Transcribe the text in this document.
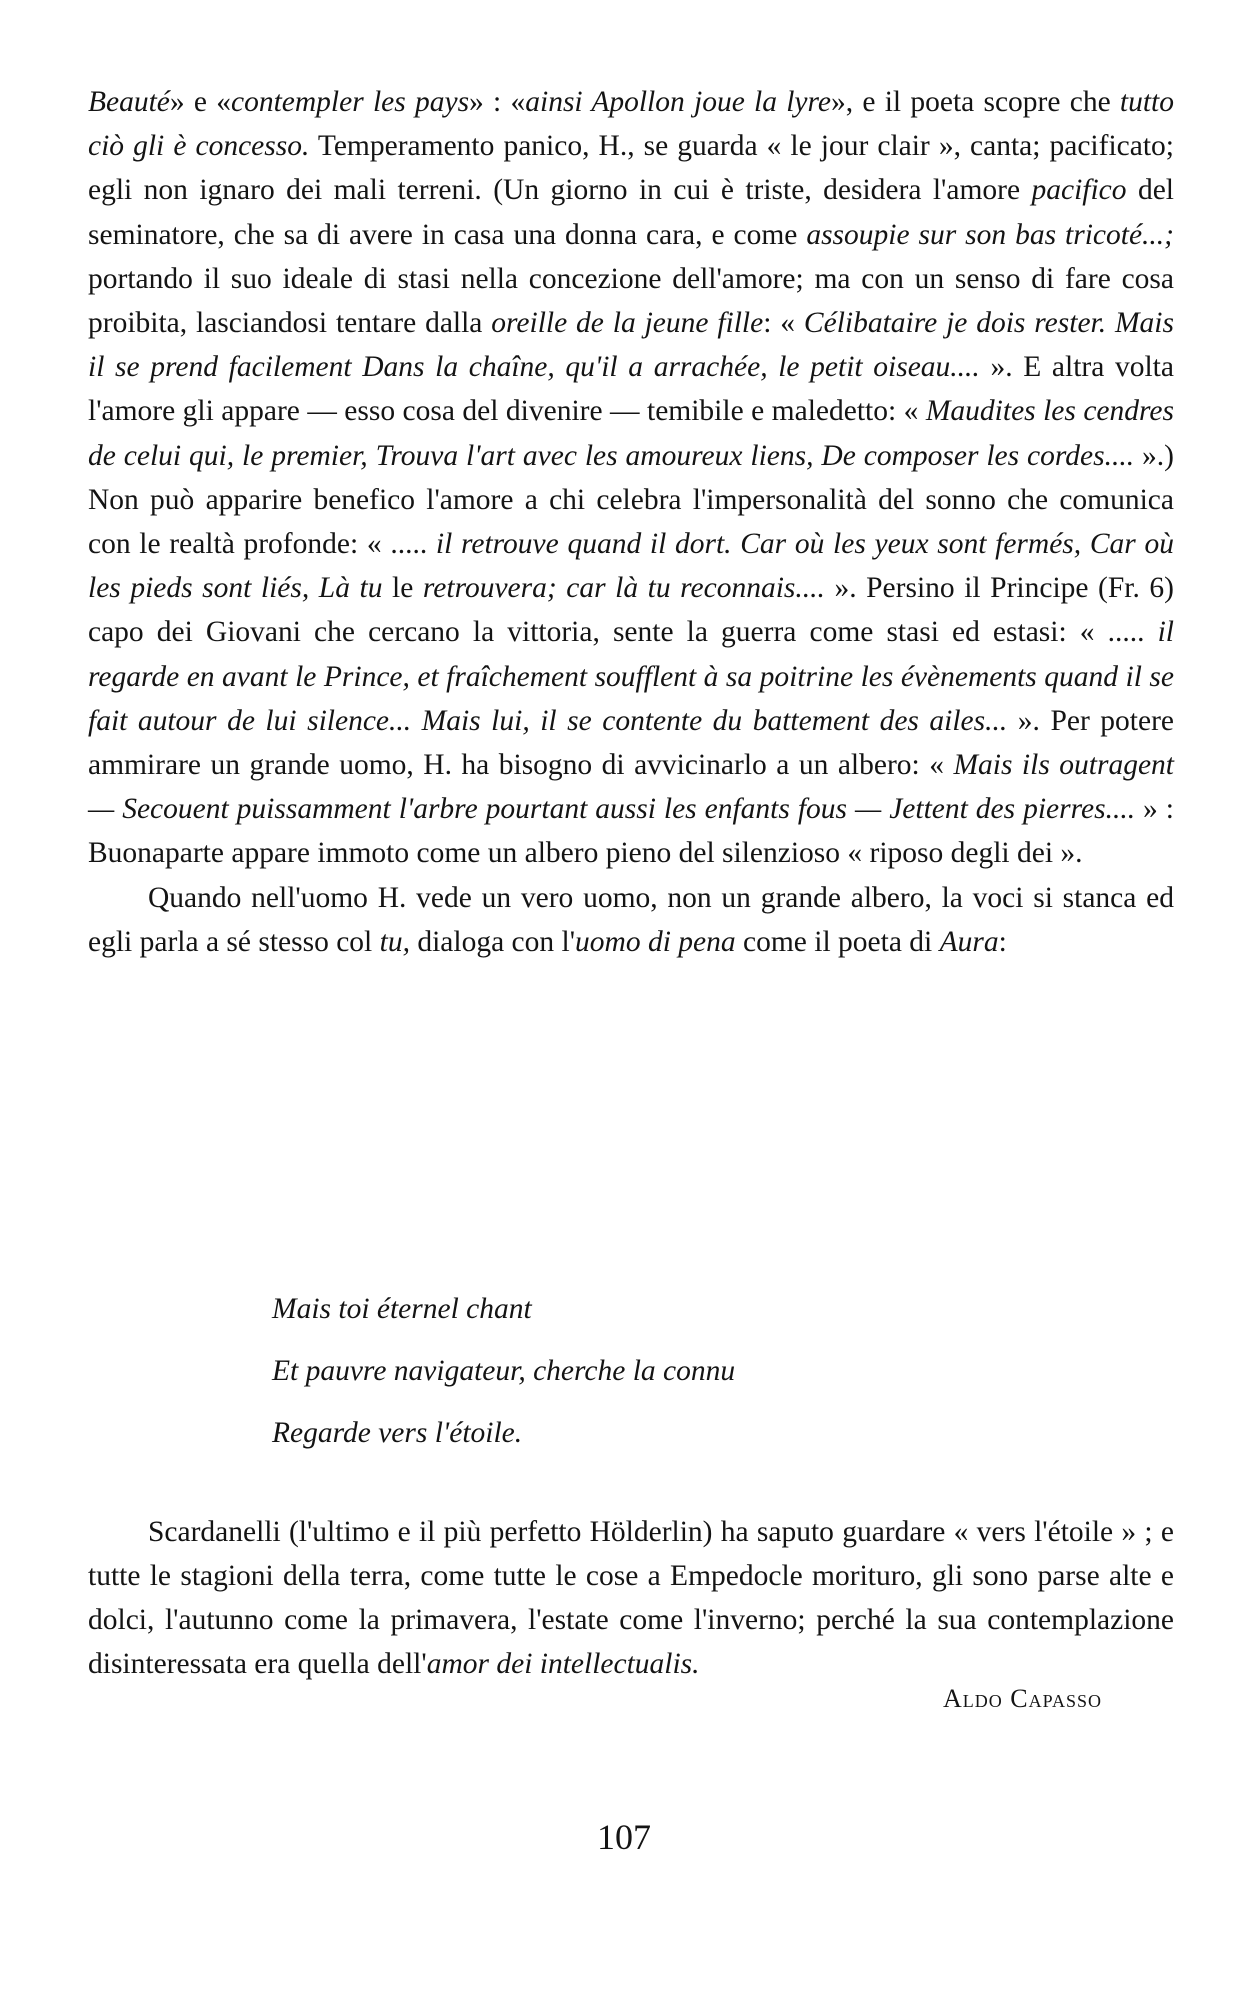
Beauté» e «contempler les pays» : «ainsi Apollon joue la lyre», e il poeta scopre che tutto ciò gli è concesso. Temperamento panico, H., se guarda « le jour clair », canta; pacificato; egli non ignaro dei mali terreni. (Un giorno in cui è triste, desidera l'amore pacifico del seminatore, che sa di avere in casa una donna cara, e come assoupie sur son bas tricoté...; portando il suo ideale di stasi nella concezione dell'amore; ma con un senso di fare cosa proibita, lasciandosi tentare dalla oreille de la jeune fille: « Célibataire je dois rester. Mais il se prend facilement Dans la chaîne, qu'il a arrachée, le petit oiseau.... ». E altra volta l'amore gli appare — esso cosa del divenire — temibile e maledetto: « Maudites les cendres de celui qui, le premier, Trouva l'art avec les amoureux liens, De composer les cordes.... ».) Non può apparire benefico l'amore a chi celebra l'impersonalità del sonno che comunica con le realtà profonde: « ..... il retrouve quand il dort. Car où les yeux sont fermés, Car où les pieds sont liés, Là tu le retrouvera; car là tu reconnais.... ». Persino il Principe (Fr. 6) capo dei Giovani che cercano la vittoria, sente la guerra come stasi ed estasi: « ..... il regarde en avant le Prince, et fraîchement soufflent à sa poitrine les évènements quand il se fait autour de lui silence... Mais lui, il se contente du battement des ailes... ». Per potere ammirare un grande uomo, H. ha bisogno di avvicinarlo a un albero: « Mais ils outragent — Secouent puissamment l'arbre pourtant aussi les enfants fous — Jettent des pierres.... » : Buonaparte appare immoto come un albero pieno del silenzioso « riposo degli dei ».

Quando nell'uomo H. vede un vero uomo, non un grande albero, la voci si stanca ed egli parla a sé stesso col tu, dialoga con l'uomo di pena come il poeta di Aura:

Mais toi éternel chant
Et pauvre navigateur, cherche la connu
Regarde vers l'étoile.

Scardanelli (l'ultimo e il più perfetto Hölderlin) ha saputo guardare « vers l'étoile » ; e tutte le stagioni della terra, come tutte le cose a Empedocle morituro, gli sono parse alte e dolci, l'autunno come la primavera, l'estate come l'inverno; perché la sua contemplazione disinteressata era quella dell'amor dei intellectualis.

Aldo Capasso
107
